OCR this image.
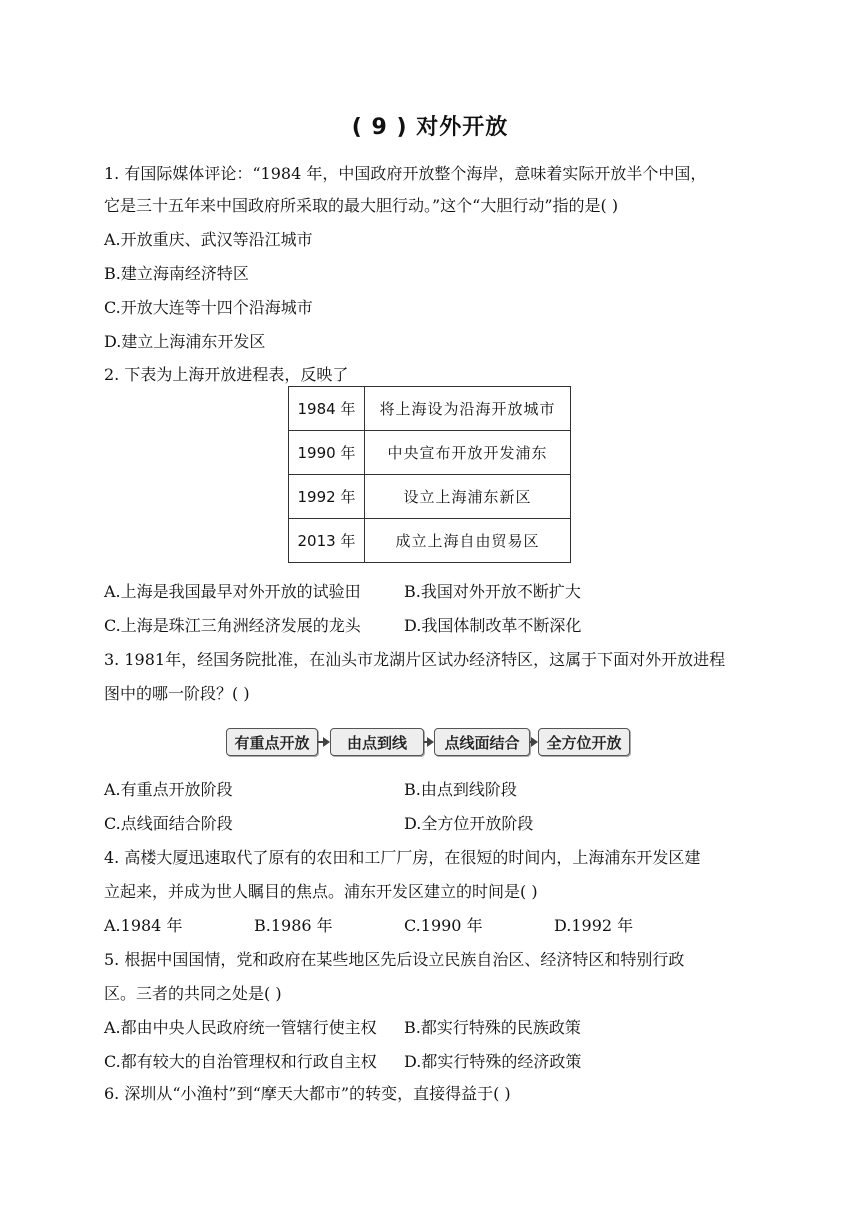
( 9 ) 对外开放
1. 有国际媒体评论：“1984 年，中国政府开放整个海岸，意味着实际开放半个中国，
它是三十五年来中国政府所采取的最大胆行动。”这个“大胆行动”指的是( )
A.开放重庆、武汉等沿江城市
B.建立海南经济特区
C.开放大连等十四个沿海城市
D.建立上海浦东开发区
2. 下表为上海开放进程表，反映了
1984 年	将上海设为沿海开放城市
1990 年	中央宣布开放开发浦东
1992 年	设立上海浦东新区
2013 年	成立上海自由贸易区
A.上海是我国最早对外开放的试验田	B.我国对外开放不断扩大
C.上海是珠江三角洲经济发展的龙头	D.我国体制改革不断深化
3. 1981年，经国务院批准，在汕头市龙湖片区试办经济特区，这属于下面对外开放进程
图中的哪一阶段？( )
有重点开放	由点到线	点线面结合	全方位开放
A.有重点开放阶段	B.由点到线阶段
C.点线面结合阶段	D.全方位开放阶段
4. 高楼大厦迅速取代了原有的农田和工厂厂房，在很短的时间内，上海浦东开发区建
立起来，并成为世人瞩目的焦点。浦东开发区建立的时间是( )
A.1984 年	B.1986 年	C.1990 年	D.1992 年
5. 根据中国国情，党和政府在某些地区先后设立民族自治区、经济特区和特别行政
区。三者的共同之处是( )
A.都由中央人民政府统一管辖行使主权 B.都实行特殊的民族政策
C.都有较大的自治管理权和行政自主权 D.都实行特殊的经济政策
6. 深圳从“小渔村”到“摩天大都市”的转变，直接得益于( )
